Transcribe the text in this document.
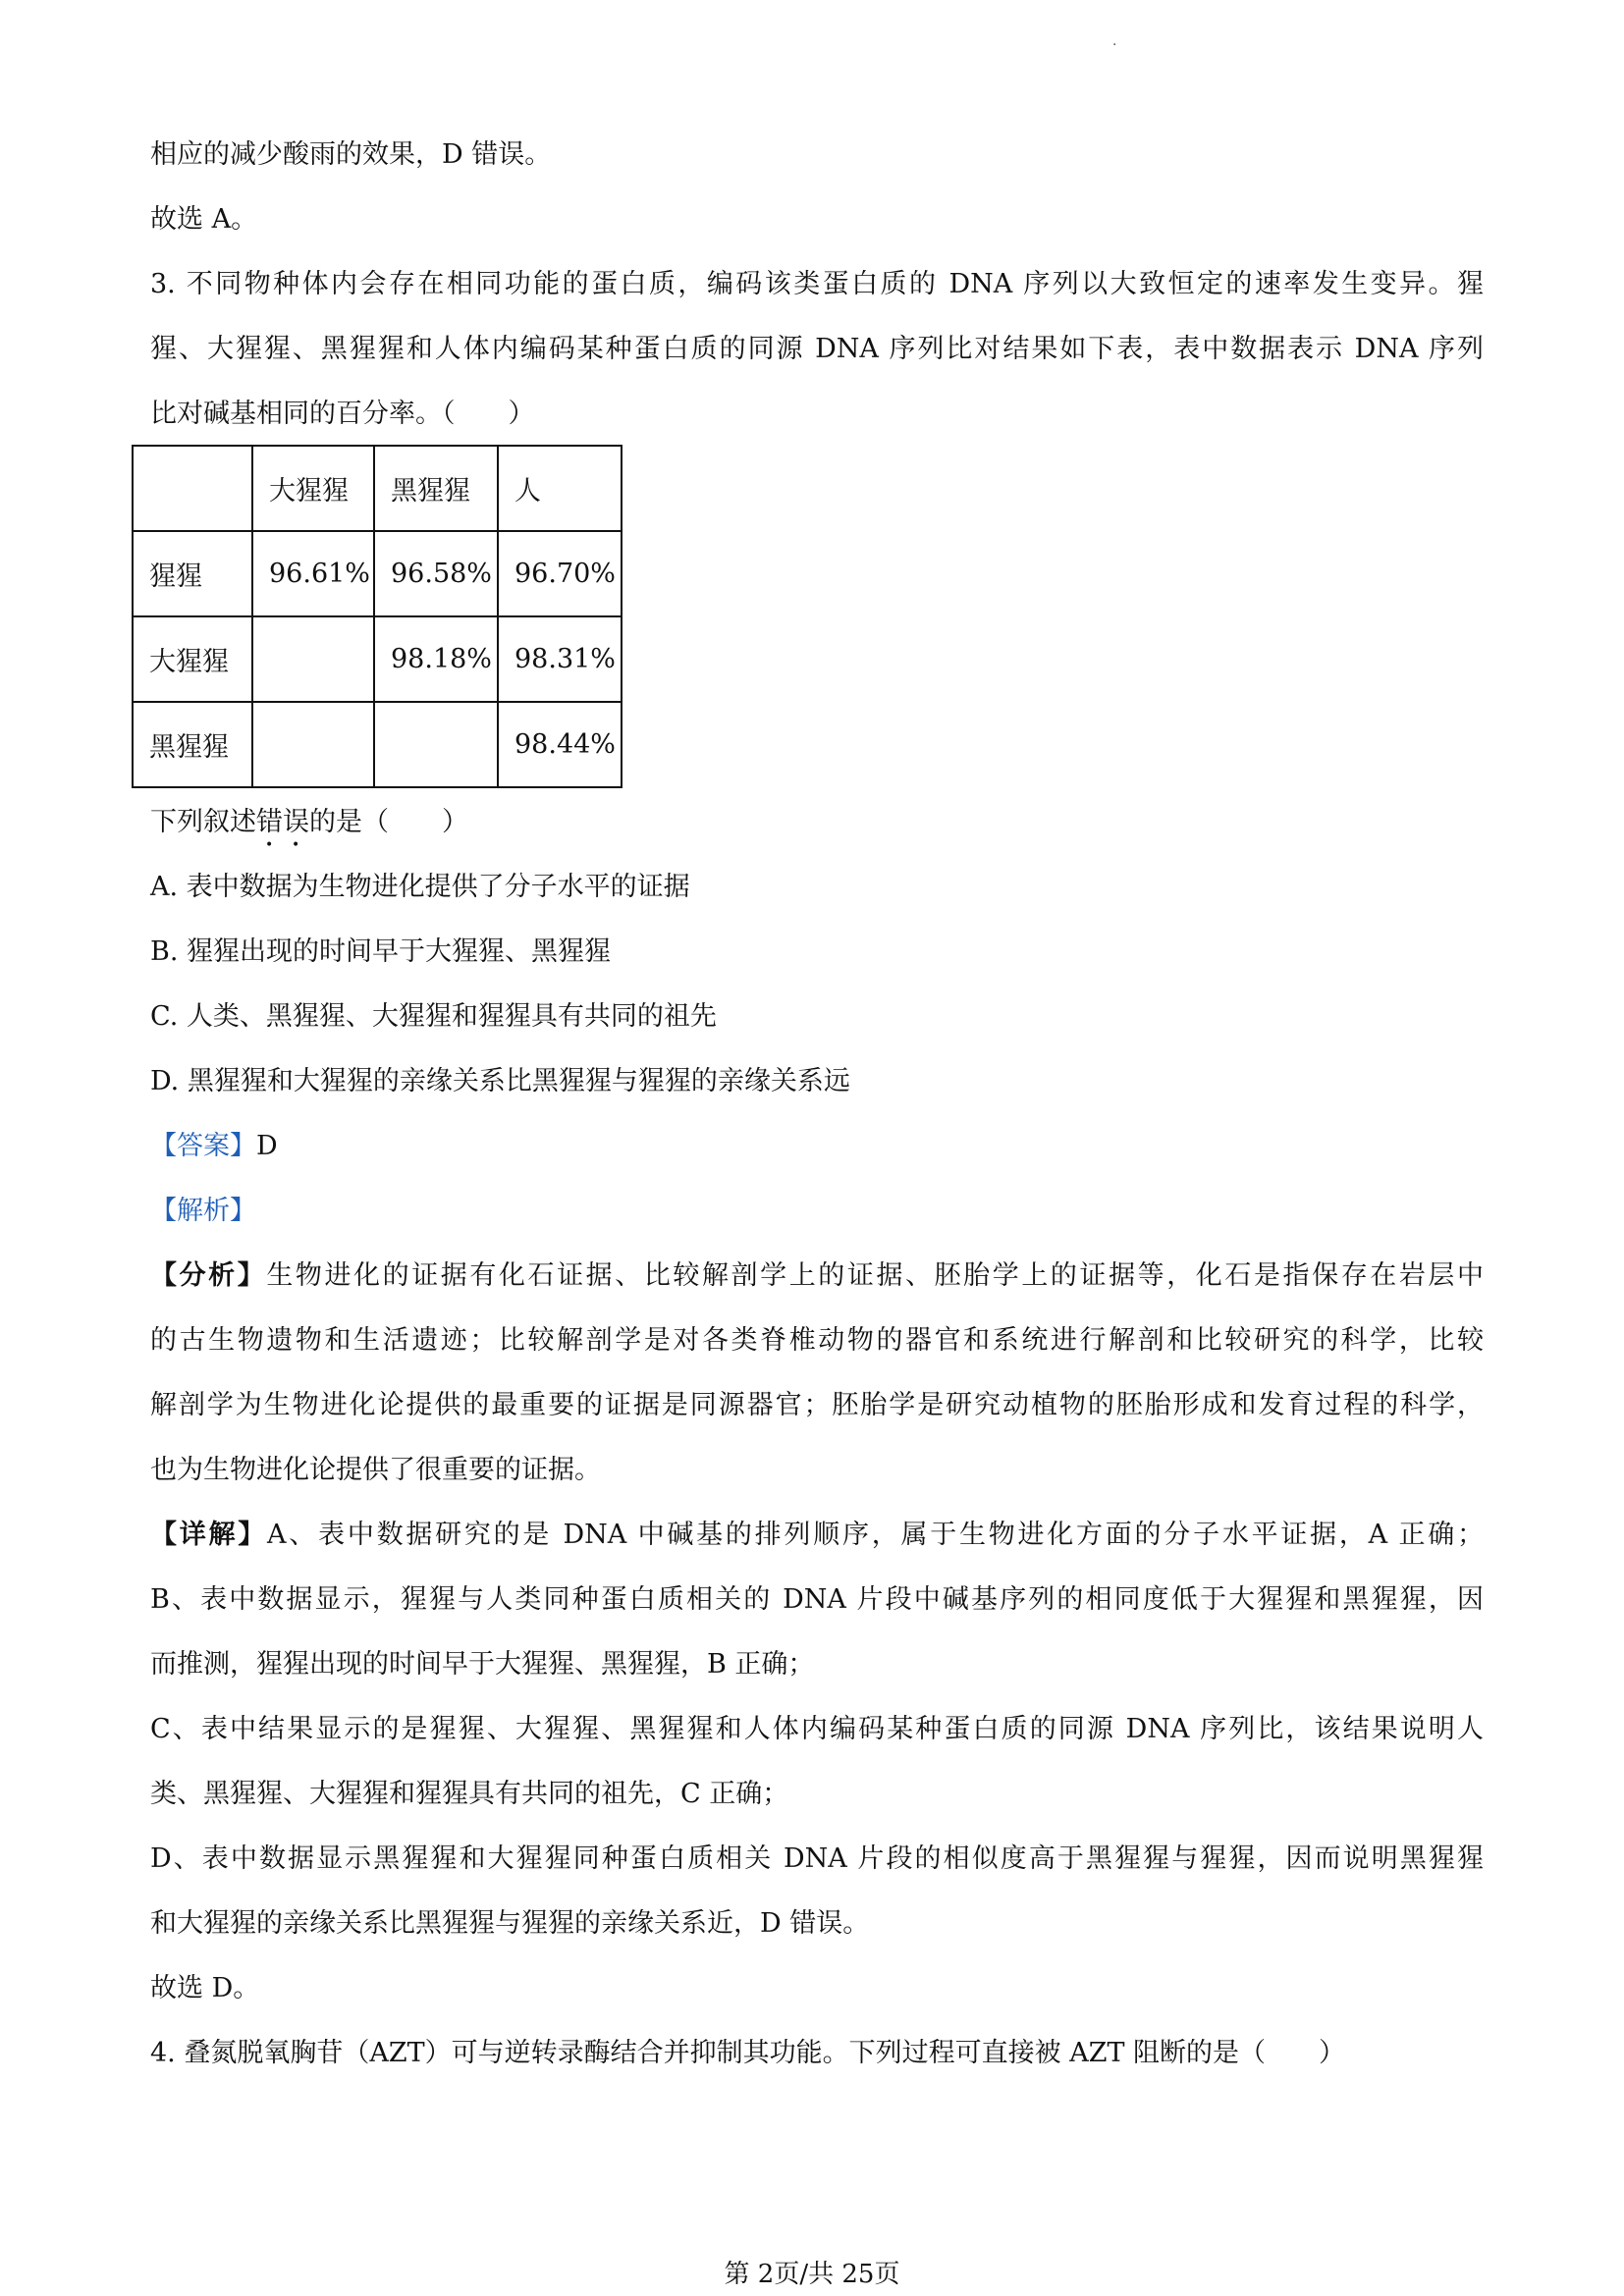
·
相应的减少酸雨的效果，D 错误。
故选 A。
3. 不同物种体内会存在相同功能的蛋白质，编码该类蛋白质的 DNA 序列以大致恒定的速率发生变异。猩
猩、大猩猩、黑猩猩和人体内编码某种蛋白质的同源 DNA 序列比对结果如下表，表中数据表示 DNA 序列
比对碱基相同的百分率。（　　）
	大猩猩	黑猩猩	人
猩猩	96.61%	96.58%	96.70%
大猩猩		98.18%	98.31%
黑猩猩			98.44%
下列叙述错误的是（　　）
A. 表中数据为生物进化提供了分子水平的证据
B. 猩猩出现的时间早于大猩猩、黑猩猩
C. 人类、黑猩猩、大猩猩和猩猩具有共同的祖先
D. 黑猩猩和大猩猩的亲缘关系比黑猩猩与猩猩的亲缘关系远
【答案】D
【解析】
【分析】生物进化的证据有化石证据、比较解剖学上的证据、胚胎学上的证据等，化石是指保存在岩层中
的古生物遗物和生活遗迹；比较解剖学是对各类脊椎动物的器官和系统进行解剖和比较研究的科学，比较
解剖学为生物进化论提供的最重要的证据是同源器官；胚胎学是研究动植物的胚胎形成和发育过程的科学，
也为生物进化论提供了很重要的证据。
【详解】A、表中数据研究的是 DNA 中碱基的排列顺序，属于生物进化方面的分子水平证据，A 正确；
B、表中数据显示，猩猩与人类同种蛋白质相关的 DNA 片段中碱基序列的相同度低于大猩猩和黑猩猩，因
而推测，猩猩出现的时间早于大猩猩、黑猩猩，B 正确；
C、表中结果显示的是猩猩、大猩猩、黑猩猩和人体内编码某种蛋白质的同源 DNA 序列比，该结果说明人
类、黑猩猩、大猩猩和猩猩具有共同的祖先，C 正确；
D、表中数据显示黑猩猩和大猩猩同种蛋白质相关 DNA 片段的相似度高于黑猩猩与猩猩，因而说明黑猩猩
和大猩猩的亲缘关系比黑猩猩与猩猩的亲缘关系近，D 错误。
故选 D。
4. 叠氮脱氧胸苷（AZT）可与逆转录酶结合并抑制其功能。下列过程可直接被 AZT 阻断的是（　　）
第 2页/共 25页
